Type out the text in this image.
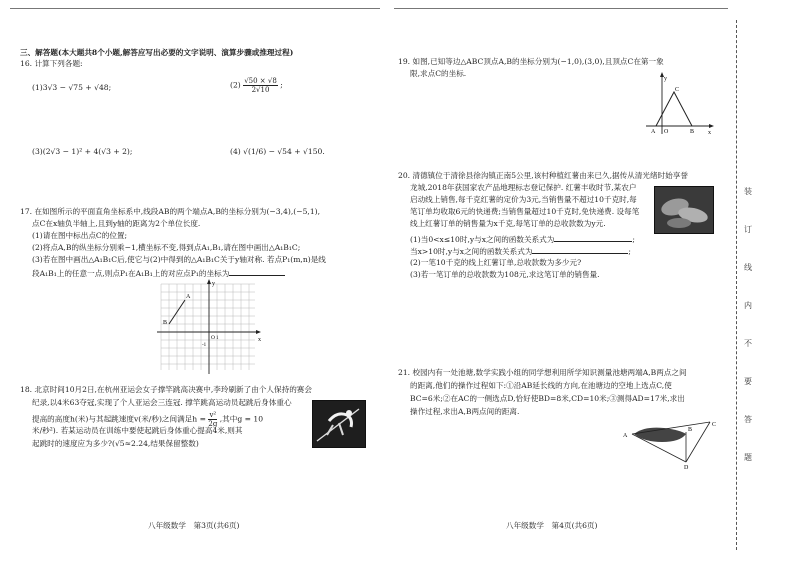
三、解答题(本大题共8个小题,解答应写出必要的文字说明、演算步骤或推理过程)
16. 计算下列各题:
(1)3√3 − √75 + √48;	$(2) \frac{√50 \times √8}{2√10}$ ;
(3)(2√3 − 1)² + 4(√3 + 2);	(4) √(1/6) − √54 + √150.
17. 在如图所示的平面直角坐标系中,线段AB的两个端点A,B的坐标分别为(−3,4),(−5,1),
点C在x轴负半轴上,且到y轴的距离为2个单位长度.
(1)请在图中标出点C的位置;
(2)将点A,B的纵坐标分别乘−1,横坐标不变,得到点A₁,B₁,请在图中画出△A₁B₁C;
(3)若在图中画出△A₁B₁C后,使它与(2)中得到的△A₁B₁C关于y轴对称. 若点P₁(m,n)是线
段A₁B₁上的任意一点,则点P₁在A₁B₁上的对应点P₁的坐标为
x
y
O 1
-1
A
B
18. 北京时间10月2日,在杭州亚运会女子撑竿跳高决赛中,李玲刷新了由个人保持的赛会
纪录,以4米63夺冠,实现了个人亚运会三连冠. 撑竿跳高运动员起跳后身体重心
提高的高度h(米)与其起跳速度v(米/秒)之间满足$h = \frac{\text{v²}}{2g}$ ,其中g = 10
米/秒²). 若某运动员在训练中要使起跳后身体重心提高4米,则其
起跳时的速度应为多少?(√5≈2.24,结果保留整数)
八年级数学　第3页(共6页)
19. 如图,已知等边△ABC顶点A,B的坐标分别为(−1,0),(3,0),且顶点C在第一象
限,求点C的坐标.
y
x
C
A O	B
20. 清德镇位于清徐县徐沟镇正南5公里,该村种植红薯由来已久,据传从清光绪时始享誉
龙城,2018年获国家农产品地理标志登记保护. 红薯丰收时节,某农户
启动线上销售,每千克红薯的定价为3元,当销售量不超过10千克时,每
笔订单均收取6元的快递费;当销售量超过10千克时,免快递费. 设每笔
线上红薯订单的销售量为x千克,每笔订单的总收款数为y元.
(1)当0<x≤10时,y与x之间的函数关系式为	;
当x>10时,y与x之间的函数关系式为	;
(2)一笔10千克的线上红薯订单,总收款数为多少元?
(3)若一笔订单的总收款数为108元,求这笔订单的销售量.
21. 校园内有一处池塘,数学实践小组的同学想利用所学知识测量池塘两端A,B两点之间
的距离,他们的操作过程如下:①沿AB延长线的方向,在池塘边的空地上选点C,使
BC=6米;②在AC的一侧选点D,恰好使BD=8米,CD=10米;③测得AD=17米,求出
操作过程,求出A,B两点间的距离.
A
B
C
D
八年级数学　第4页(共6页)
装
订
线
内
不
要
答
题
